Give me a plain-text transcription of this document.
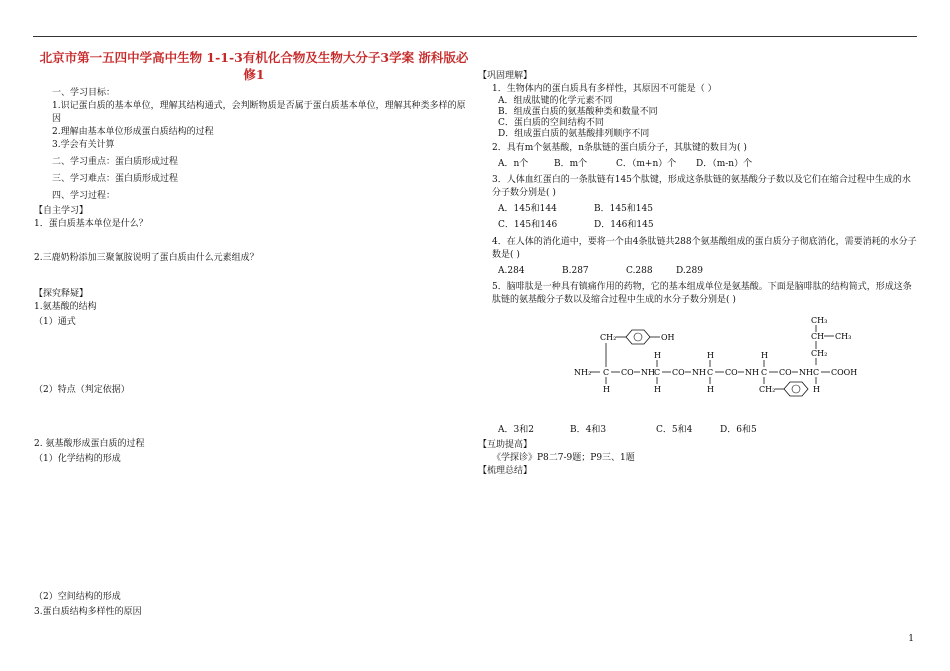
北京市第一五四中学高中生物 1-1-3有机化合物及生物大分子3学案 浙科版必修1
一、学习目标：
1.识记蛋白质的基本单位，理解其结构通式，会判断物质是否属于蛋白质基本单位，理解其种类多样的原因
2.理解由基本单位形成蛋白质结构的过程
3.学会有关计算
二、学习重点：蛋白质形成过程
三、学习难点：蛋白质形成过程
四、学习过程：
【自主学习】
1．蛋白质基本单位是什么？
2.三鹿奶粉添加三聚氰胺说明了蛋白质由什么元素组成？
【探究释疑】
1.氨基酸的结构
（1）通式
（2）特点（判定依据）
2. 氨基酸形成蛋白质的过程
（1）化学结构的形成
（2）空间结构的形成
3.蛋白质结构多样性的原因
【巩固理解】
1．生物体内的蛋白质具有多样性，其原因不可能是（ ）
A．组成肽键的化学元素不同
B．组成蛋白质的氨基酸种类和数量不同
C．蛋白质的空间结构不同
D．组成蛋白质的氨基酸排列顺序不同
2．具有m个氨基酸，n条肽链的蛋白质分子，其肽键的数目为( )
A．n个	B．m个	C．（m+n）个	D．（m-n）个
3．人体血红蛋白的一条肽链有145个肽键，形成这条肽链的氨基酸分子数以及它们在缩合过程中生成的水分子数分别是( )
A．145和144	B．145和145
C．145和146	D．146和145
4．在人体的消化道中，要将一个由4条肽链共288个氨基酸组成的蛋白质分子彻底消化，需要消耗的水分子数是( )
A.284	B.287	C.288	D.289
5．脑啡肽是一种具有镇痛作用的药物，它的基本组成单位是氨基酸。下面是脑啡肽的结构简式，形成这条肽链的氨基酸分子数以及缩合过程中生成的水分子数分别是( )
CH₃
CH CH₃
CH₂
CH₂	OH
H	H	H
NH₂ C CO NH C CO NH C CO NH C CO NH C COOH
H	H	H	H
CH₂
A．3和2	B．4和3	C．5和4	D．6和5
【互助提高】
《学探诊》P8二7-9题；P9三、1题
【梳理总结】
1
